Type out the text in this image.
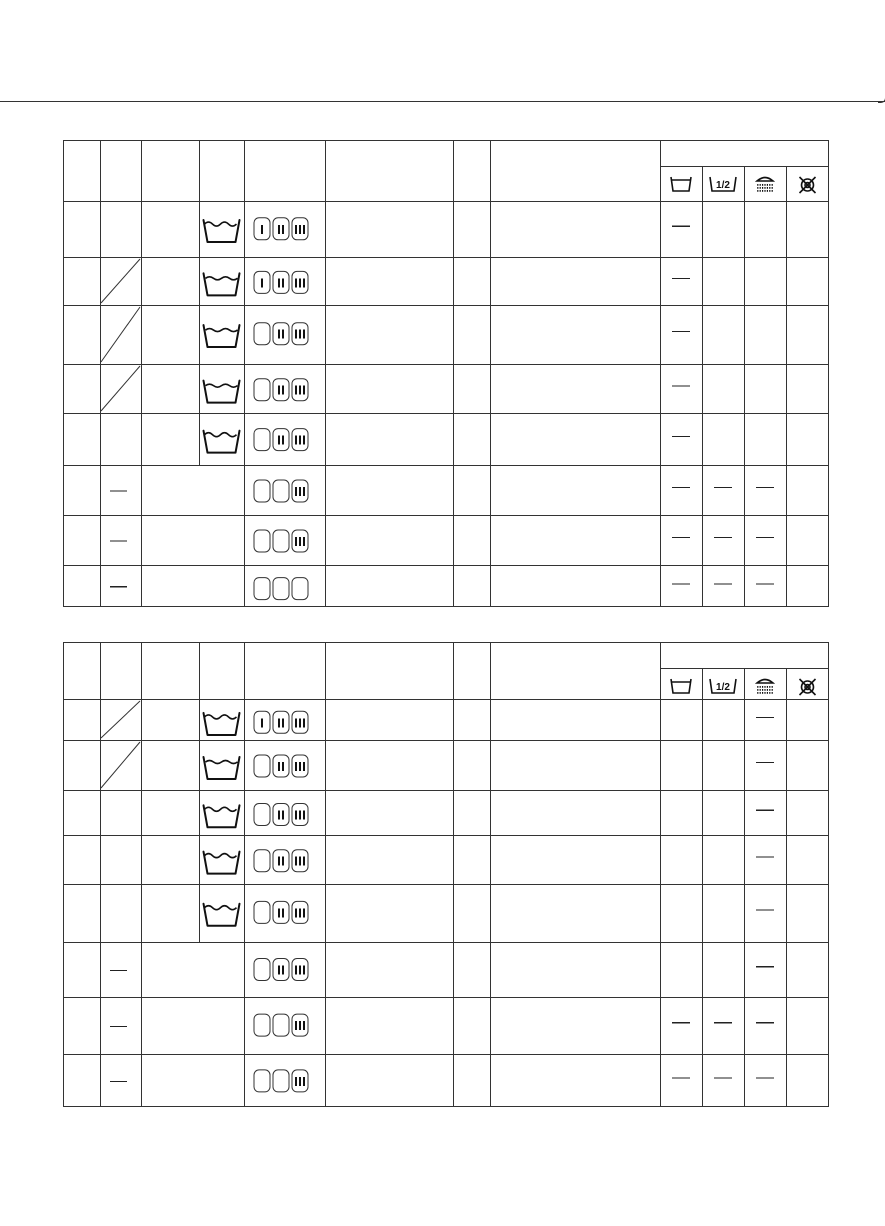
1/2
1/2
